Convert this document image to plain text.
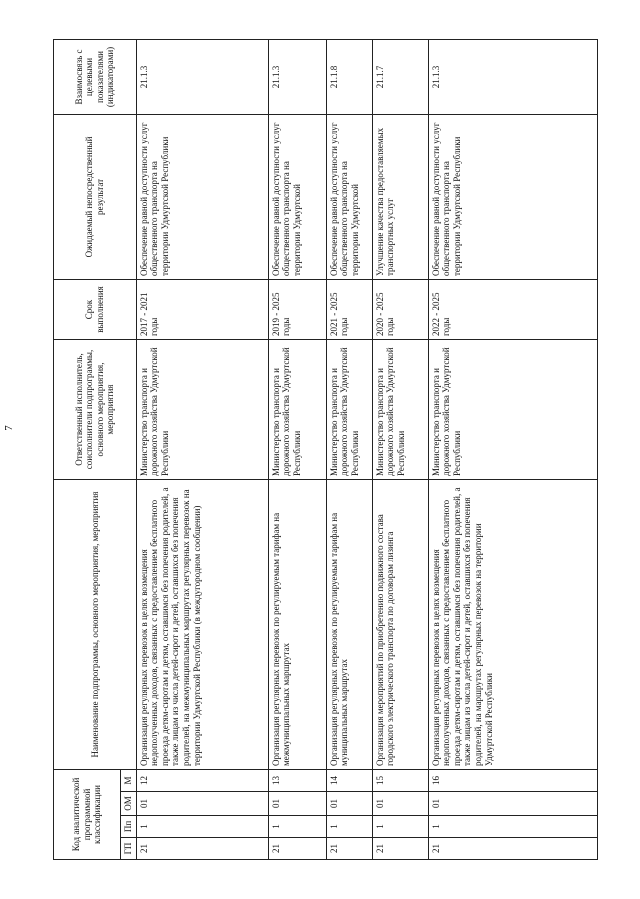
7
Код аналитической программной классификации				Наименование подпрограммы, основного мероприятия, мероприятия	Ответственный исполнитель, соисполнители подпрограммы, основного мероприятия, мероприятия	Срок выполнения	Ожидаемый непосредственный результат	Взаимосвязь с целевыми показателями (индикаторами)
ГП	Пп	ОМ	М					
21	1	01	12	Организация регулярных перевозок в целях возмещения недополученных доходов, связанных с предоставлением бесплатного проезда детям-сиротам и детям, оставшимся без попечения родителей, а также лицам из числа детей-сирот и детей, оставшихся без попечения родителей, на межмуниципальных маршрутах регулярных перевозок на территории Удмуртской Республики (в междугородном сообщении)	Министерство транспорта и дорожного хозяйства Удмуртской Республики	2017 - 2021 годы	Обеспечение равной доступности услуг общественного транспорта на территории Удмуртской Республики	21.1.3
21	1	01	13	Организация регулярных перевозок по регулируемым тарифам на межмуниципальных маршрутах	Министерство транспорта и дорожного хозяйства Удмуртской Республики	2019 - 2025 годы	Обеспечение равной доступности услуг общественного транспорта на территории Удмуртской	21.1.3
21	1	01	14	Организация регулярных перевозок по регулируемым тарифам на муниципальных маршрутах	Министерство транспорта и дорожного хозяйства Удмуртской Республики	2021 - 2025 годы	Обеспечение равной доступности услуг общественного транспорта на территории Удмуртской	21.1.8
21	1	01	15	Организация мероприятий по приобретению подвижного состава городского электрического транспорта по договорам лизинга	Министерство транспорта и дорожного хозяйства Удмуртской Республики	2020 - 2025 годы	Улучшение качества предоставляемых транспортных услуг	21.1.7
21	1	01	16	Организация регулярных перевозок в целях возмещения недополученных доходов, связанных с предоставлением бесплатного проезда детям-сиротам и детям, оставшимся без попечения родителей, а также лицам из числа детей-сирот и детей, оставшихся без попечения родителей, на маршрутах регулярных перевозок на территории Удмуртской Республики	Министерство транспорта и дорожного хозяйства Удмуртской Республики	2022 - 2025 годы	Обеспечение равной доступности услуг общественного транспорта на территории Удмуртской Республики	21.1.3
